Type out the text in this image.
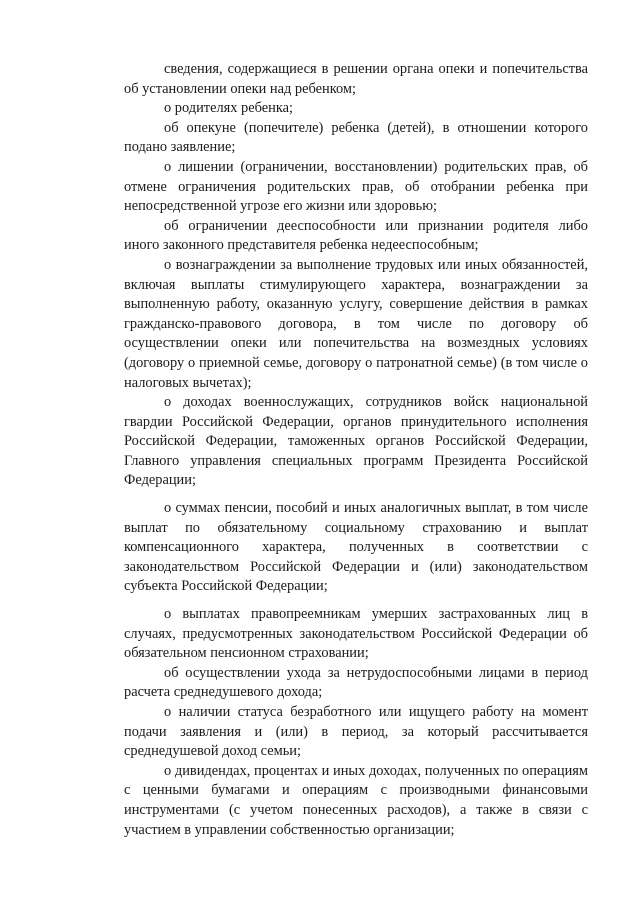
сведения, содержащиеся в решении органа опеки и попечительства об установлении опеки над ребенком;

о родителях ребенка;

об опекуне (попечителе) ребенка (детей), в отношении которого подано заявление;

о лишении (ограничении, восстановлении) родительских прав, об отмене ограничения родительских прав, об отобрании ребенка при непосредственной угрозе его жизни или здоровью;

об ограничении дееспособности или признании родителя либо иного законного представителя ребенка недееспособным;

о вознаграждении за выполнение трудовых или иных обязанностей, включая выплаты стимулирующего характера, вознаграждении за выполненную работу, оказанную услугу, совершение действия в рамках гражданско-правового договора, в том числе по договору об осуществлении опеки или попечительства на возмездных условиях (договору о приемной семье, договору о патронатной семье) (в том числе о налоговых вычетах);

о доходах военнослужащих, сотрудников войск национальной гвардии Российской Федерации, органов принудительного исполнения Российской Федерации, таможенных органов Российской Федерации, Главного управления специальных программ Президента Российской Федерации;

о суммах пенсии, пособий и иных аналогичных выплат, в том числе выплат по обязательному социальному страхованию и выплат компенсационного характера, полученных в соответствии с законодательством Российской Федерации и (или) законодательством субъекта Российской Федерации;

о выплатах правопреемникам умерших застрахованных лиц в случаях, предусмотренных законодательством Российской Федерации об обязательном пенсионном страховании;

об осуществлении ухода за нетрудоспособными лицами в период расчета среднедушевого дохода;

о наличии статуса безработного или ищущего работу на момент подачи заявления и (или) в период, за который рассчитывается среднедушевой доход семьи;

о дивидендах, процентах и иных доходах, полученных по операциям с ценными бумагами и операциям с производными финансовыми инструментами (с учетом понесенных расходов), а также в связи с участием в управлении собственностью организации;
